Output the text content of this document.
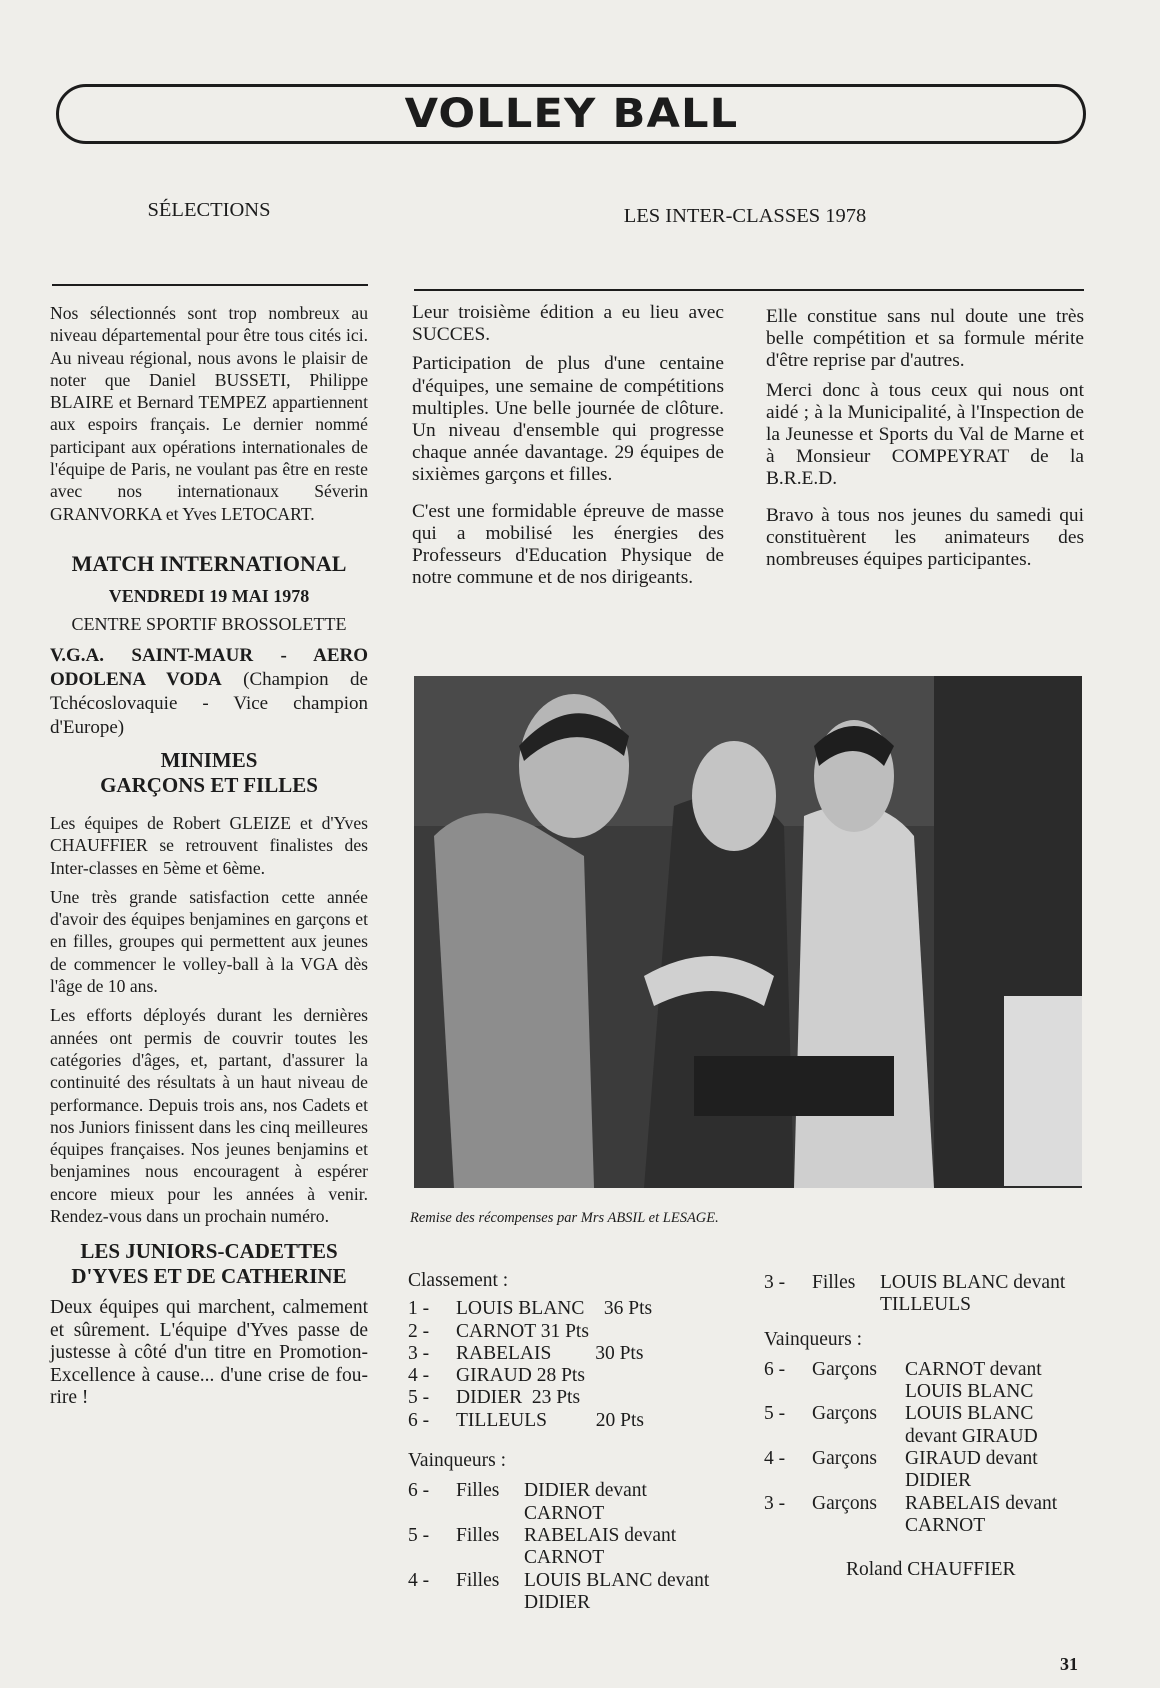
VOLLEY BALL
SÉLECTIONS

Nos sélectionnés sont trop nombreux au niveau départemental pour être tous cités ici. Au niveau régional, nous avons le plaisir de noter que Daniel BUSSETI, Philippe BLAIRE et Bernard TEMPEZ appartiennent aux espoirs français. Le dernier nommé participant aux opérations internationales de l'équipe de Paris, ne voulant pas être en reste avec nos internationaux Séverin GRANVORKA et Yves LETOCART.

MATCH INTERNATIONAL
VENDREDI 19 MAI 1978
CENTRE SPORTIF BROSSOLETTE

V.G.A. SAINT-MAUR - AERO ODOLENA VODA (Champion de Tchécoslovaquie - Vice champion d'Europe)

MINIMES
GARÇONS ET FILLES

Les équipes de Robert GLEIZE et d'Yves CHAUFFIER se retrouvent finalistes des Inter-classes en 5ème et 6ème.

Une très grande satisfaction cette année d'avoir des équipes benjamines en garçons et en filles, groupes qui permettent aux jeunes de commencer le volley-ball à la VGA dès l'âge de 10 ans.

Les efforts déployés durant les dernières années ont permis de couvrir toutes les catégories d'âges, et, partant, d'assurer la continuité des résultats à un haut niveau de performance. Depuis trois ans, nos Cadets et nos Juniors finissent dans les cinq meilleures équipes françaises. Nos jeunes benjamins et benjamines nous encouragent à espérer encore mieux pour les années à venir. Rendez-vous dans un prochain numéro.

LES JUNIORS-CADETTES
D'YVES ET DE CATHERINE

Deux équipes qui marchent, calmement et sûrement. L'équipe d'Yves passe de justesse à côté d'un titre en Promotion-Excellence à cause... d'une crise de fou-rire !

LES INTER-CLASSES 1978

Leur troisième édition a eu lieu avec SUCCES.

Participation de plus d'une centaine d'équipes, une semaine de compétitions multiples. Une belle journée de clôture. Un niveau d'ensemble qui progresse chaque année davantage. 29 équipes de sixièmes garçons et filles.

C'est une formidable épreuve de masse qui a mobilisé les énergies des Professeurs d'Education Physique de notre commune et de nos dirigeants.

Elle constitue sans nul doute une très belle compétition et sa formule mérite d'être reprise par d'autres.

Merci donc à tous ceux qui nous ont aidé ; à la Municipalité, à l'Inspection de la Jeunesse et Sports du Val de Marne et à Monsieur COMPEYRAT de la B.R.E.D.

Bravo à tous nos jeunes du samedi qui constituèrent les animateurs des nombreuses équipes participantes.

Remise des récompenses par Mrs ABSIL et LESAGE.
Classement :
1 -	LOUIS BLANC    36 Pts
2 -	CARNOT 31 Pts
3 -	RABELAIS         30 Pts
4 -	GIRAUD 28 Pts
5 -	DIDIER  23 Pts
6 -	TILLEULS          20 Pts
Vainqueurs :
6 -	Filles	DIDIER devant CARNOT
5 -	Filles	RABELAIS devant CARNOT
4 -	Filles	LOUIS BLANC devant DIDIER
3 -	Filles	LOUIS BLANC devant TILLEULS
Vainqueurs :
6 -	Garçons	CARNOT devant LOUIS BLANC
5 -	Garçons	LOUIS BLANC devant GIRAUD
4 -	Garçons	GIRAUD devant DIDIER
3 -	Garçons	RABELAIS devant CARNOT
Roland CHAUFFIER
31
